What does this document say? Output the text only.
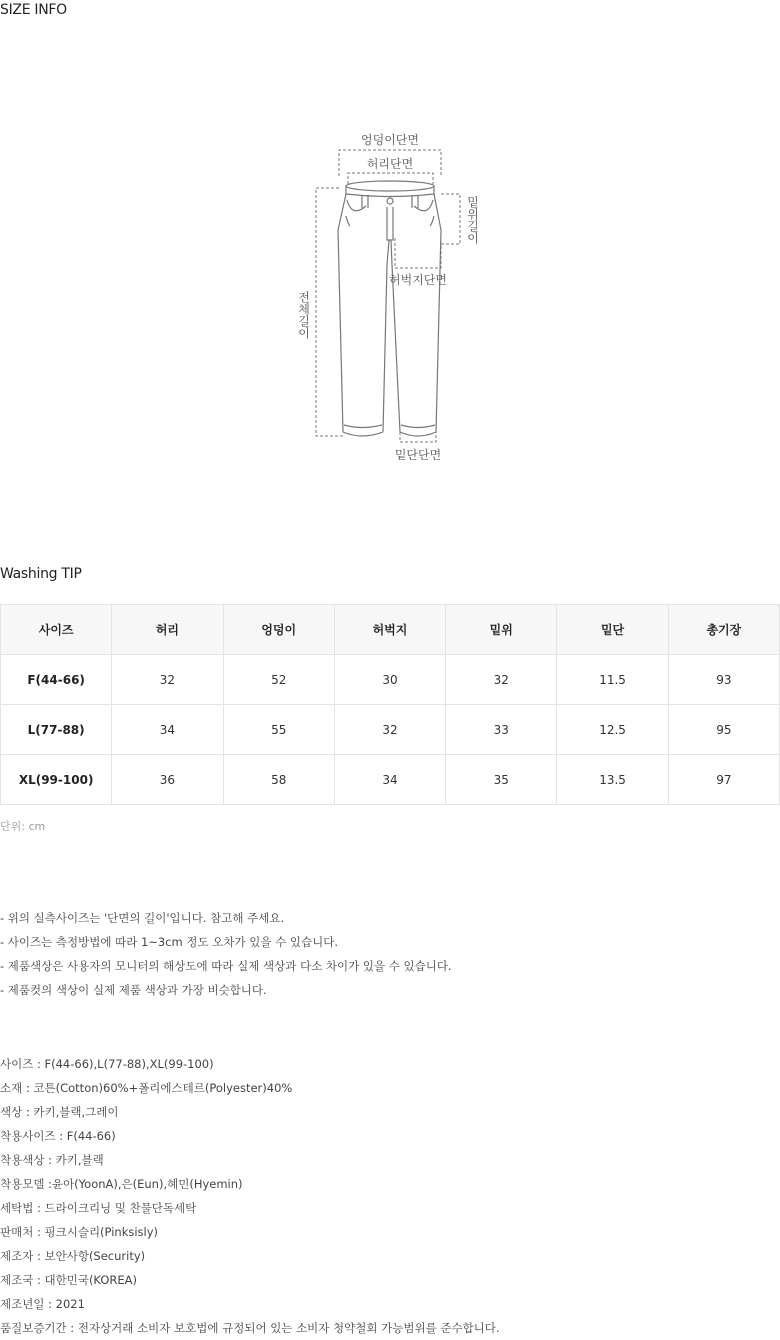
SIZE INFO
엉덩이단면
허리단면
밑위길이
허벅지단면
전체길이
밑단단면
Washing TIP
사이즈	허리	엉덩이	허벅지	밑위	밑단	총기장
F(44-66)	32	52	30	32	11.5	93
L(77-88)	34	55	32	33	12.5	95
XL(99-100)	36	58	34	35	13.5	97
단위: cm
- 위의 실측사이즈는 '단면의 길이'입니다. 참고해 주세요.
- 사이즈는 측정방법에 따라 1~3cm 정도 오차가 있을 수 있습니다.
- 제품색상은 사용자의 모니터의 해상도에 따라 실제 색상과 다소 차이가 있을 수 있습니다.
- 제품컷의 색상이 실제 제품 색상과 가장 비슷합니다.
사이즈 : F(44-66),L(77-88),XL(99-100)
소재 : 코튼(Cotton)60%+폴리에스테르(Polyester)40%
색상 : 카키,블랙,그레이
착용사이즈 : F(44-66)
착용색상 : 카키,블랙
착용모델 :윤아(YoonA),은(Eun),혜민(Hyemin)
세탁법 : 드라이크리닝 및 찬물단독세탁
판매처 : 핑크시슬리(Pinksisly)
제조자 : 보안사항(Security)
제조국 : 대한민국(KOREA)
제조년일 : 2021
품질보증기간 : 전자상거래 소비자 보호법에 규정되어 있는 소비자 청약철회 가능범위를 준수합니다.
